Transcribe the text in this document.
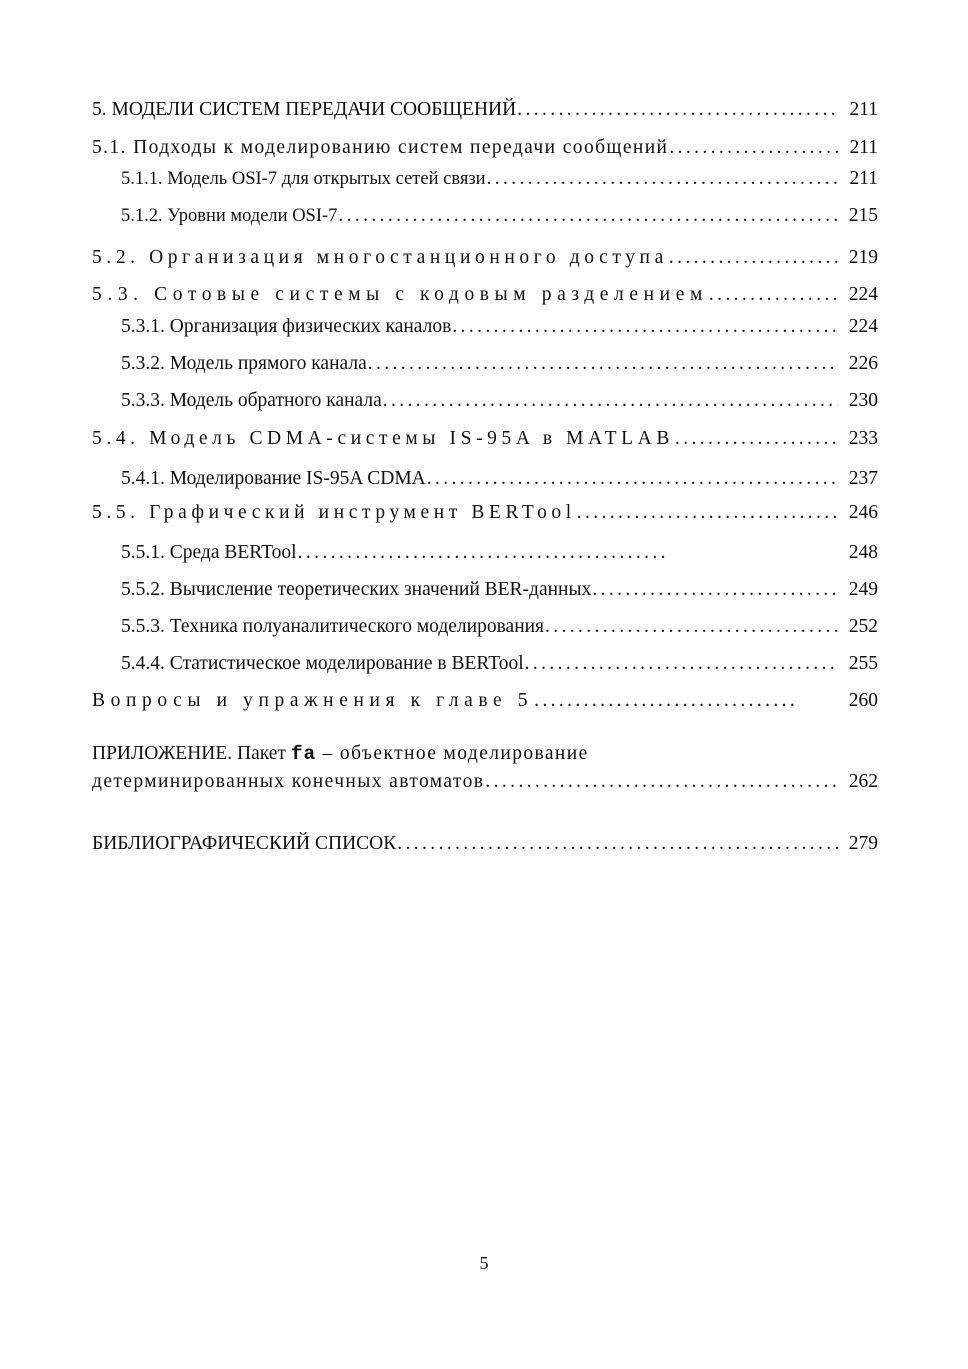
5. МОДЕЛИ СИСТЕМ ПЕРЕДАЧИ СООБЩЕНИЙ . . .	211
5.1. Подходы к моделированию систем передачи сообщений . . .	211
5.1.1. Модель OSI-7 для открытых сетей связи . . .	211
5.1.2. Уровни модели OSI-7 . . .	215
5.2. Организация многостанционного доступа . . .	219
5.3. Сотовые системы с кодовым разделением . . .	224
5.3.1. Организация физических каналов . . .	224
5.3.2. Модель прямого канала . . .	226
5.3.3. Модель обратного канала . . .	230
5.4. Модель CDMA-системы IS-95A в MATLAB . . .	233
5.4.1. Моделирование IS-95A CDMA . . .	237
5.5. Графический инструмент BERTool . . .	246
5.5.1. Среда BERTool . . .	248
5.5.2. Вычисление теоретических значений BER-данных . . .	249
5.5.3. Техника полуаналитического моделирования . . .	252
5.4.4. Статистическое моделирование в BERTool . . .	255
Вопросы и упражнения к главе 5 . . .	260
ПРИЛОЖЕНИЕ. Пакет fa – объектное моделирование
детерминированных конечных автоматов . . .	262
БИБЛИОГРАФИЧЕСКИЙ СПИСОК . . .	279
5
